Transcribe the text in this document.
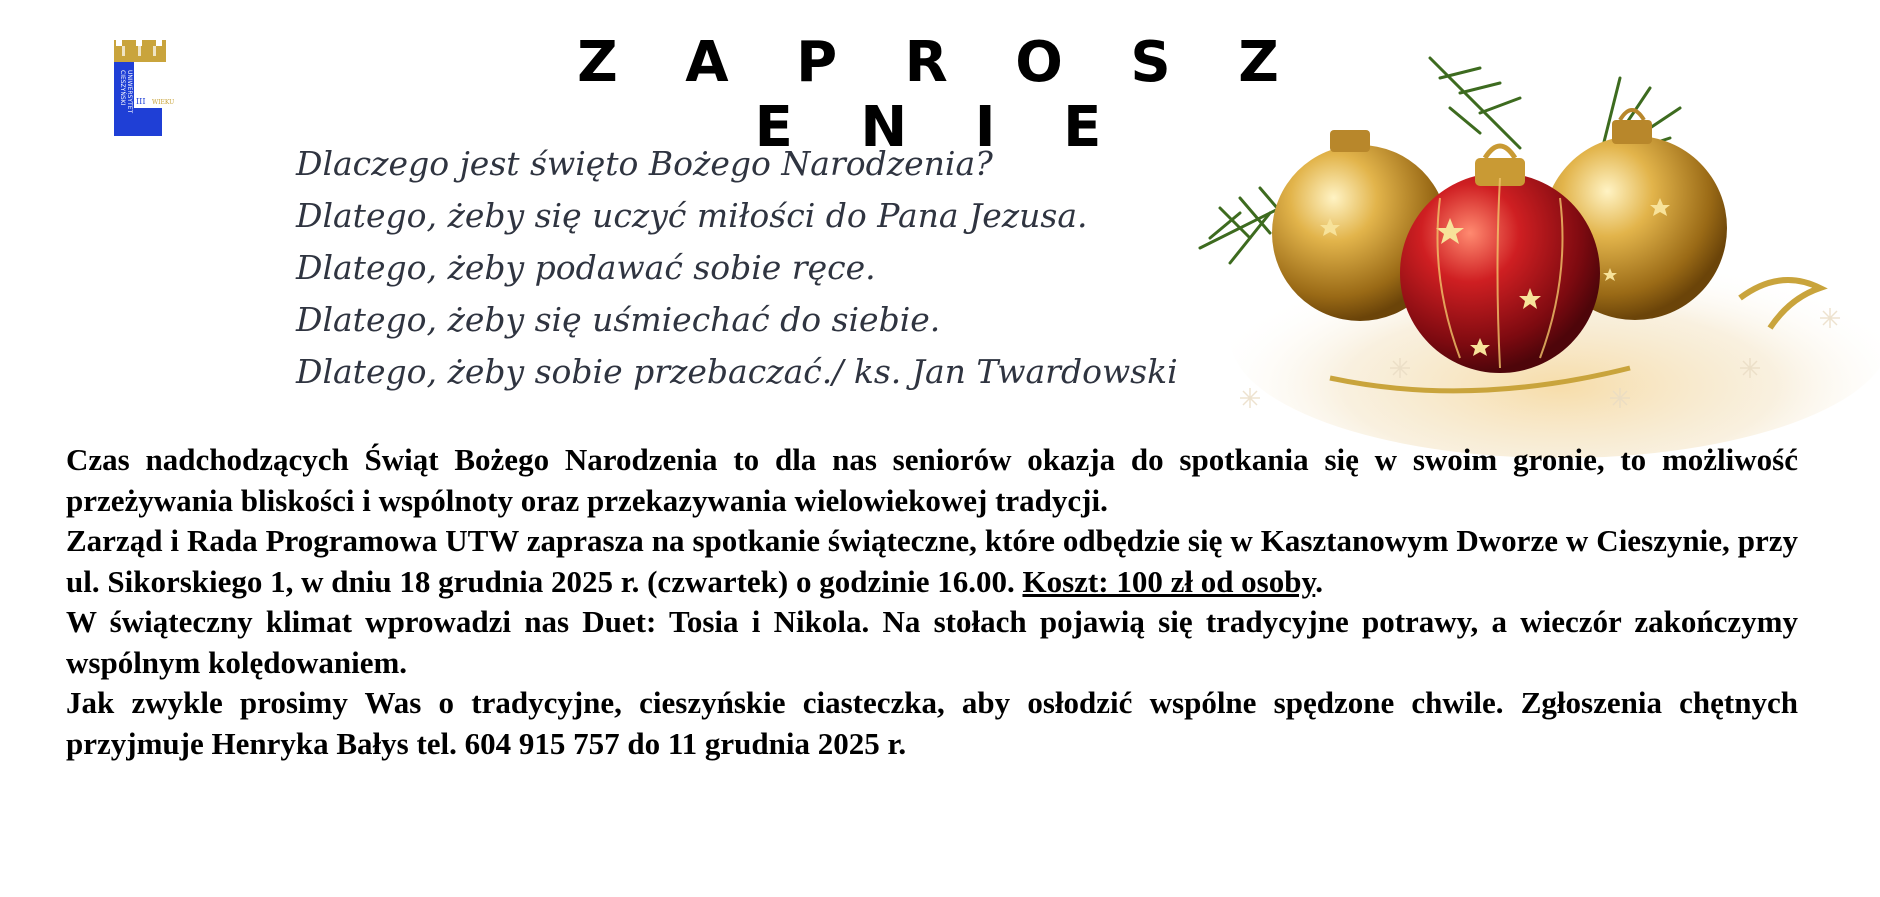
CIESZYŃSKI UNIWERSYTET III WIEKU
Z A P R O S Z E N I E
Dlaczego jest święto Bożego Narodzenia?
Dlatego, żeby się uczyć miłości do Pana Jezusa.
Dlatego, żeby podawać sobie ręce.
Dlatego, żeby się uśmiechać do siebie.
Dlatego, żeby sobie przebaczać./ ks. Jan Twardowski
Czas nadchodzących Świąt Bożego Narodzenia to dla nas seniorów okazja do spotkania się w swoim gronie, to możliwość przeżywania bliskości i wspólnoty oraz przekazywania wielowiekowej tradycji.
Zarząd i Rada Programowa UTW zaprasza na spotkanie świąteczne, które odbędzie się w Kasztanowym Dworze w Cieszynie, przy ul. Sikorskiego 1, w dniu 18 grudnia 2025 r. (czwartek) o godzinie 16.00. Koszt: 100 zł od osoby.
W świąteczny klimat wprowadzi nas Duet: Tosia i Nikola. Na stołach pojawią się tradycyjne potrawy, a wieczór zakończymy wspólnym kolędowaniem.
Jak zwykle prosimy Was o tradycyjne, cieszyńskie ciasteczka, aby osłodzić wspólne spędzone chwile. Zgłoszenia chętnych przyjmuje Henryka Bałys tel. 604 915 757 do 11 grudnia 2025 r.
